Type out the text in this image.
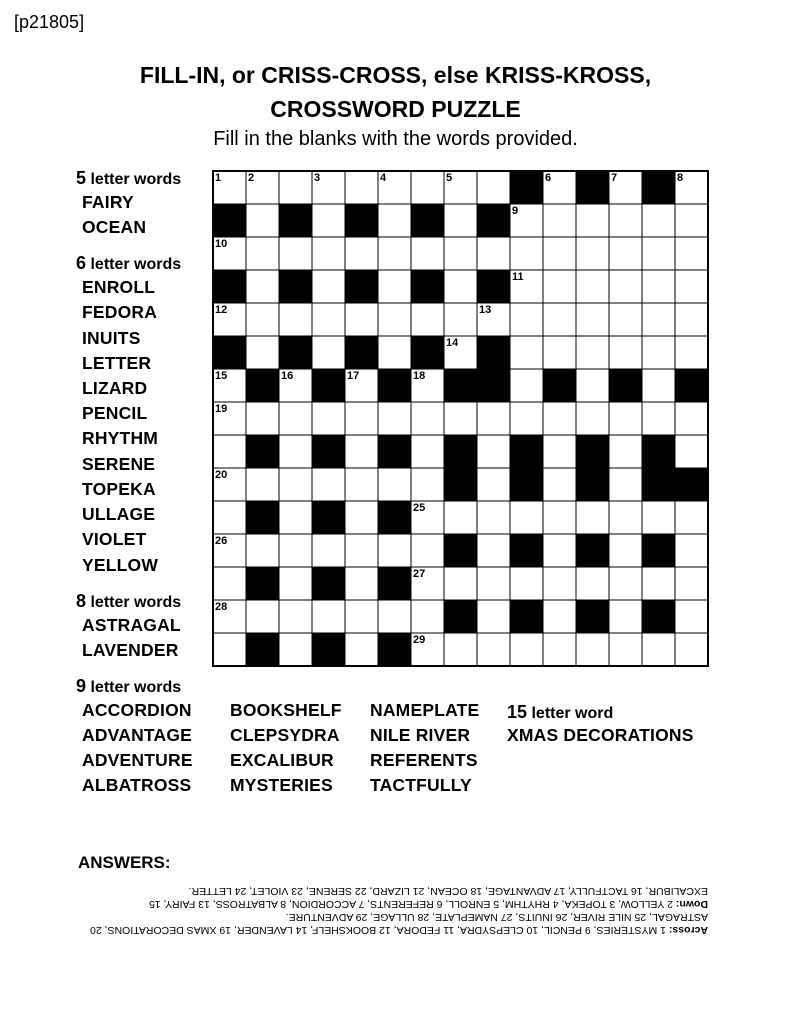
[p21805]
FILL-IN, or CRISS-CROSS, else KRISS-KROSS,
CROSSWORD PUZZLE
Fill in the blanks with the words provided.
5 letter words
FAIRY
OCEAN
6 letter words
ENROLL
FEDORA
INUITS
LETTER
LIZARD
PENCIL
RHYTHM
SERENE
TOPEKA
ULLAGE
VIOLET
YELLOW
8 letter words
ASTRAGAL
LAVENDER
9 letter words
ACCORDION
ADVANTAGE
ADVENTURE
ALBATROSS
BOOKSHELF
CLEPSYDRA
EXCALIBUR
MYSTERIES
NAMEPLATE
NILE RIVER
REFERENTS
TACTFULLY
15 letter word
XMAS DECORATIONS
1 2	3	4	5	6	7	8
9
10
11
12	13
14
15	16	17	18
19
20	21	22	23	24
25
26
27
28
29
ANSWERS:
Across: 1 MYSTERIES, 9 PENCIL, 10 CLEPSYDRA, 11 FEDORA, 12 BOOKSHELF, 14 LAVENDER, 19 XMAS DECORATIONS, 20 ASTRAGAL, 25 NILE RIVER, 26 INUITS, 27 NAMEPLATE, 28 ULLAGE, 29 ADVENTURE.
Down: 2 YELLOW, 3 TOPEKA, 4 RHYTHM, 5 ENROLL, 6 REFERENTS, 7 ACCORDION, 8 ALBATROSS, 13 FAIRY, 15 EXCALIBUR, 16 TACTFULLY, 17 ADVANTAGE, 18 OCEAN, 21 LIZARD, 22 SERENE, 23 VIOLET, 24 LETTER.
